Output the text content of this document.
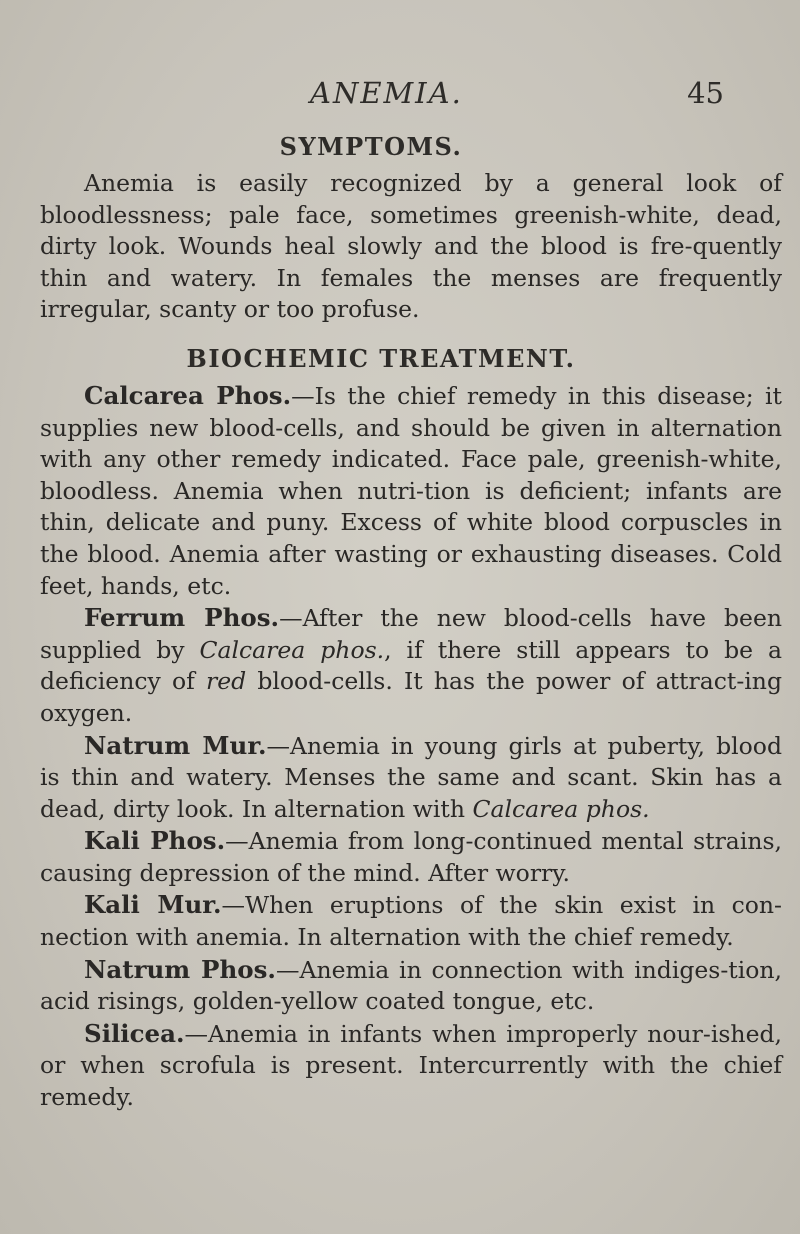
ANEMIA.	45
SYMPTOMS.

Anemia is easily recognized by a general look of bloodlessness; pale face, sometimes greenish-white, dead, dirty look. Wounds heal slowly and the blood is fre-quently thin and watery. In females the menses are frequently irregular, scanty or too profuse.

BIOCHEMIC TREATMENT.

Calcarea Phos.—Is the chief remedy in this disease; it supplies new blood-cells, and should be given in alternation with any other remedy indicated. Face pale, greenish-white, bloodless. Anemia when nutri-tion is deficient; infants are thin, delicate and puny. Excess of white blood corpuscles in the blood. Anemia after wasting or exhausting diseases. Cold feet, hands, etc.

Ferrum Phos.—After the new blood-cells have been supplied by Calcarea phos., if there still appears to be a deficiency of red blood-cells. It has the power of attract-ing oxygen.

Natrum Mur.—Anemia in young girls at puberty, blood is thin and watery. Menses the same and scant. Skin has a dead, dirty look. In alternation with Calcarea phos.

Kali Phos.—Anemia from long-continued mental strains, causing depression of the mind. After worry.

Kali Mur.—When eruptions of the skin exist in con-nection with anemia. In alternation with the chief remedy.

Natrum Phos.—Anemia in connection with indiges-tion, acid risings, golden-yellow coated tongue, etc.

Silicea.—Anemia in infants when improperly nour-ished, or when scrofula is present. Intercurrently with the chief remedy.
